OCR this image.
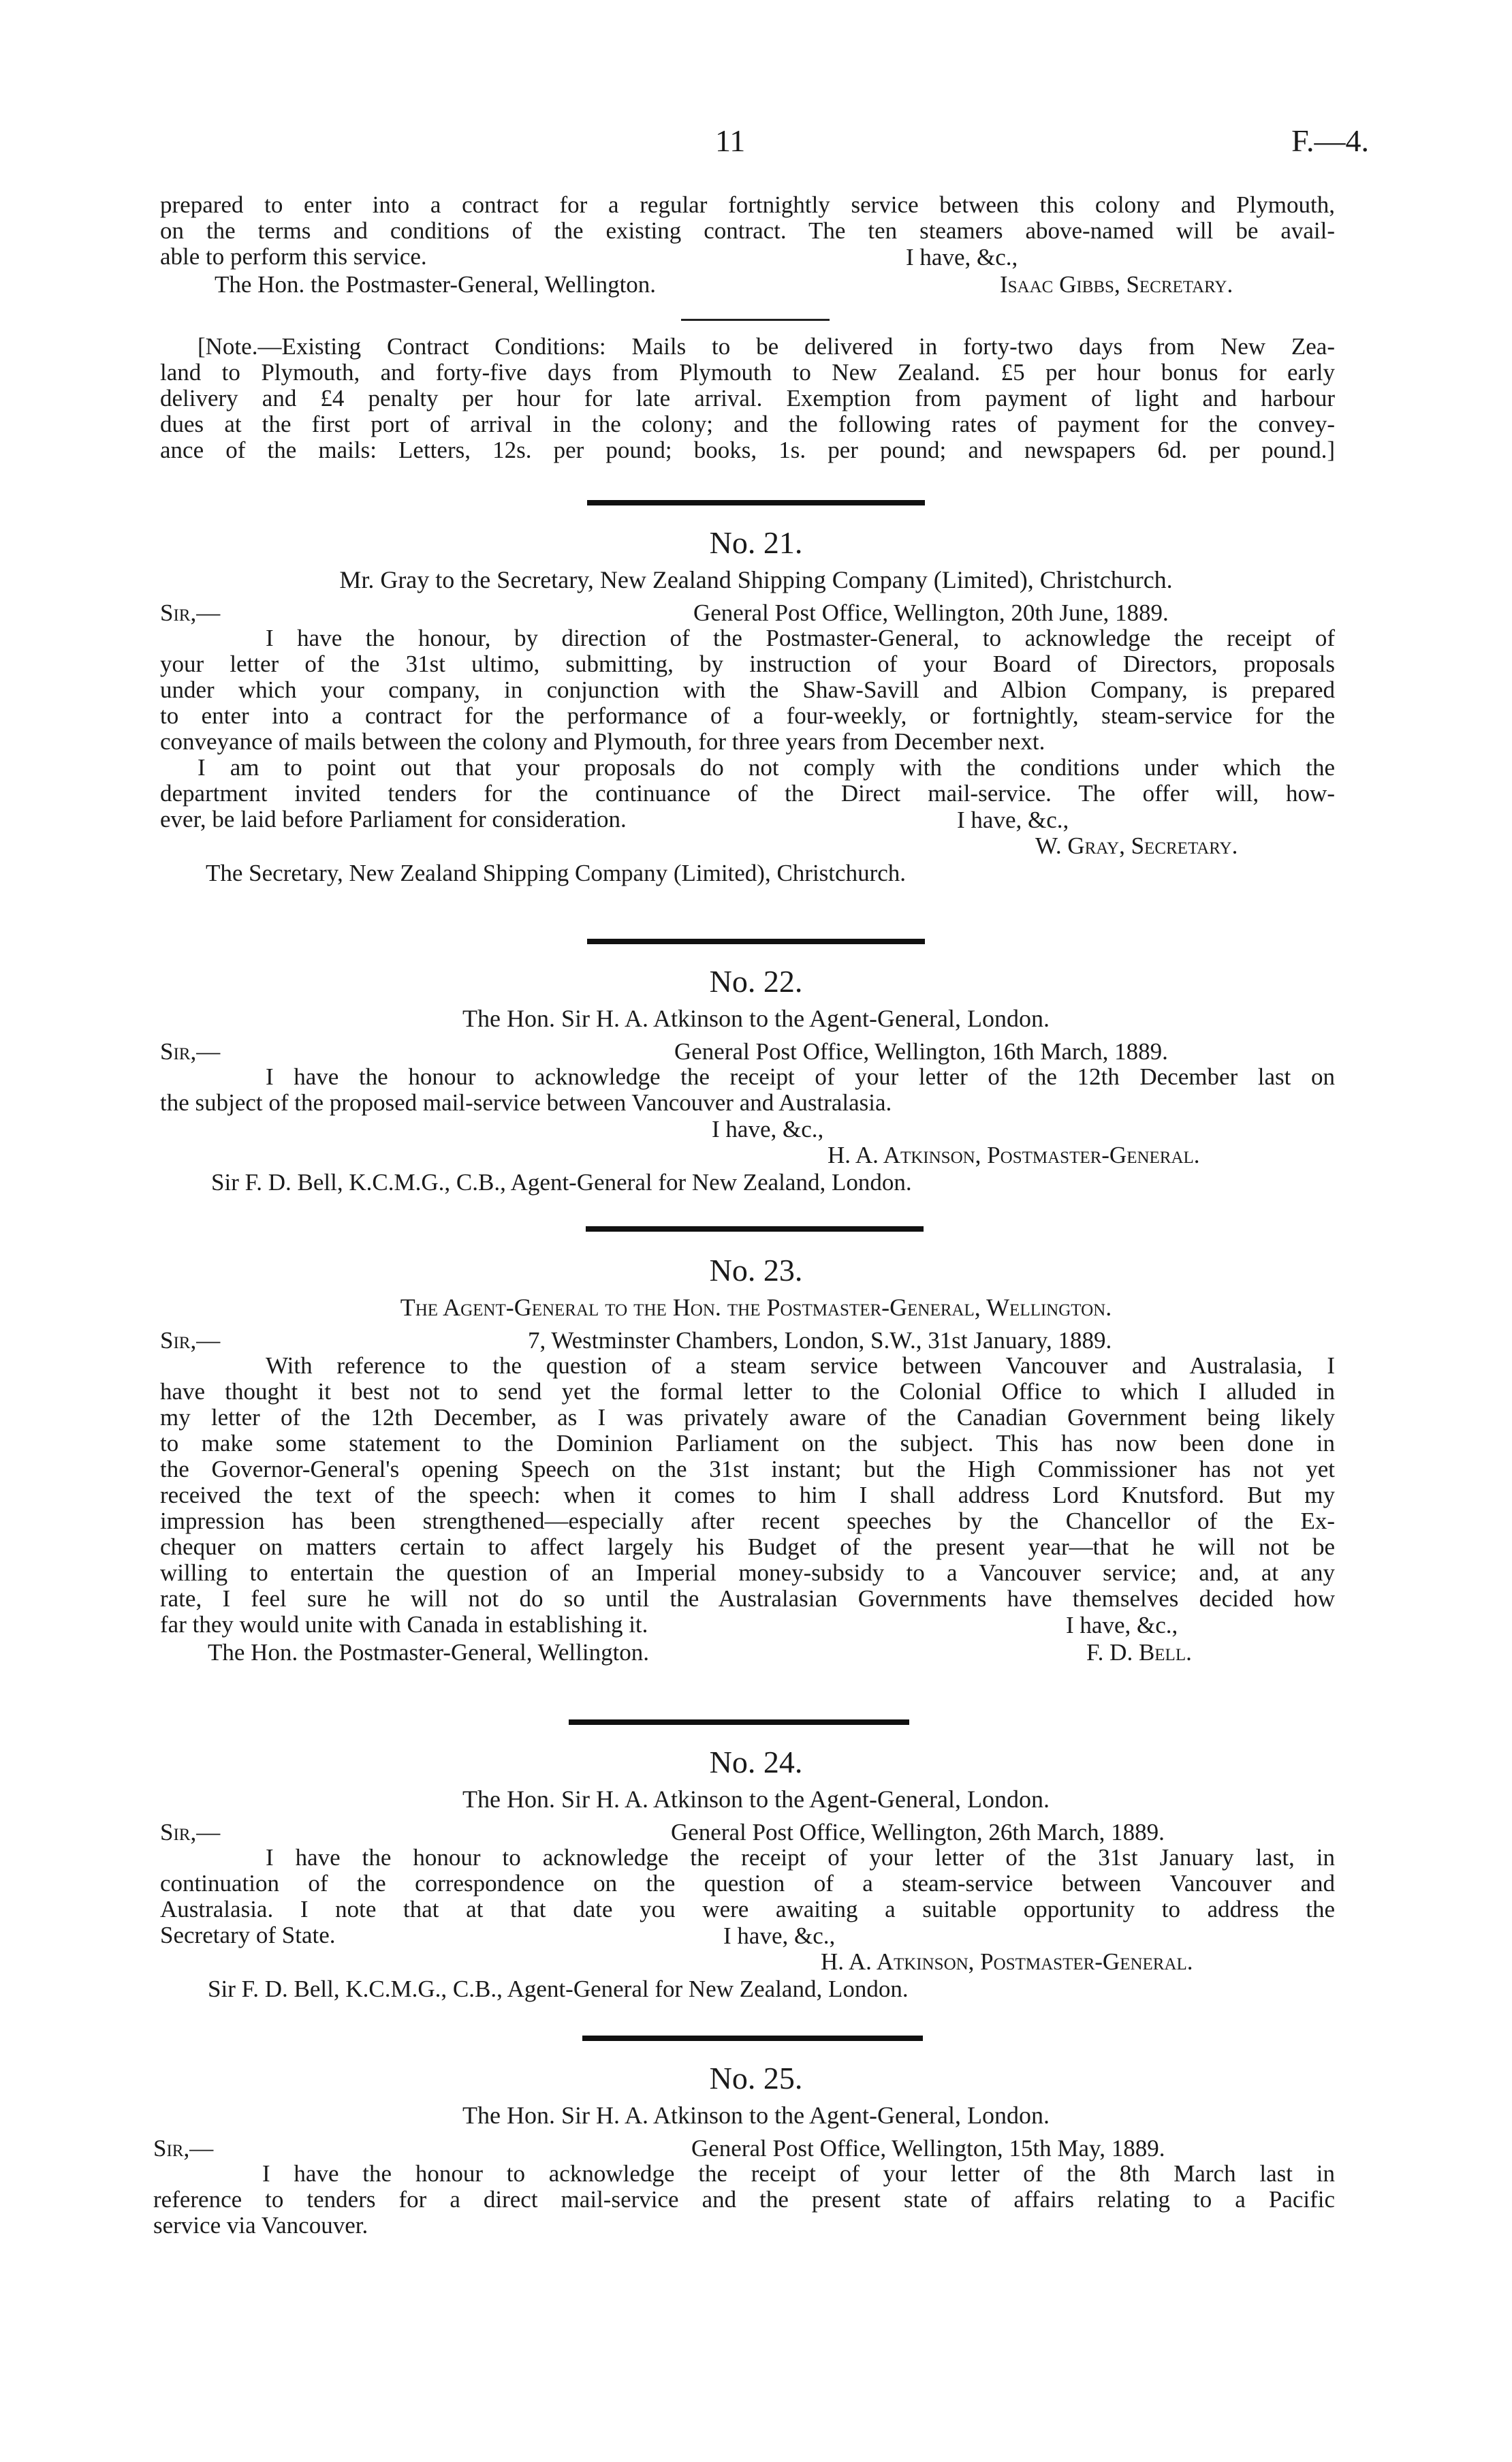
11	F.—4.
prepared to enter into a contract for a regular fortnightly service between this colony and Plymouth,
on the terms and conditions of the existing contract. The ten steamers above-named will be avail-
able to perform this service.	I have, &c.,
The Hon. the Postmaster-General, Wellington.	Isaac Gibbs, Secretary.
[Note.—Existing Contract Conditions: Mails to be delivered in forty-two days from New Zea-
land to Plymouth, and forty-five days from Plymouth to New Zealand. £5 per hour bonus for early
delivery and £4 penalty per hour for late arrival. Exemption from payment of light and harbour
dues at the first port of arrival in the colony; and the following rates of payment for the convey-
ance of the mails: Letters, 12s. per pound; books, 1s. per pound; and newspapers 6d. per pound.]
No. 21.
Mr. Gray to the Secretary, New Zealand Shipping Company (Limited), Christchurch.
Sir,—	General Post Office, Wellington, 20th June, 1889.
I have the honour, by direction of the Postmaster-General, to acknowledge the receipt of
your letter of the 31st ultimo, submitting, by instruction of your Board of Directors, proposals
under which your company, in conjunction with the Shaw-Savill and Albion Company, is prepared
to enter into a contract for the performance of a four-weekly, or fortnightly, steam-service for the
conveyance of mails between the colony and Plymouth, for three years from December next.
I am to point out that your proposals do not comply with the conditions under which the
department invited tenders for the continuance of the Direct mail-service. The offer will, how-
ever, be laid before Parliament for consideration.	I have, &c.,
W. Gray, Secretary.
The Secretary, New Zealand Shipping Company (Limited), Christchurch.
No. 22.
The Hon. Sir H. A. Atkinson to the Agent-General, London.
Sir,—	General Post Office, Wellington, 16th March, 1889.
I have the honour to acknowledge the receipt of your letter of the 12th December last on
the subject of the proposed mail-service between Vancouver and Australasia.
I have, &c.,
H. A. Atkinson, Postmaster-General.
Sir F. D. Bell, K.C.M.G., C.B., Agent-General for New Zealand, London.
No. 23.
The Agent-General to the Hon. the Postmaster-General, Wellington.
Sir,—	7, Westminster Chambers, London, S.W., 31st January, 1889.
With reference to the question of a steam service between Vancouver and Australasia, I
have thought it best not to send yet the formal letter to the Colonial Office to which I alluded in
my letter of the 12th December, as I was privately aware of the Canadian Government being likely
to make some statement to the Dominion Parliament on the subject. This has now been done in
the Governor-General's opening Speech on the 31st instant; but the High Commissioner has not yet
received the text of the speech: when it comes to him I shall address Lord Knutsford. But my
impression has been strengthened—especially after recent speeches by the Chancellor of the Ex-
chequer on matters certain to affect largely his Budget of the present year—that he will not be
willing to entertain the question of an Imperial money-subsidy to a Vancouver service; and, at any
rate, I feel sure he will not do so until the Australasian Governments have themselves decided how
far they would unite with Canada in establishing it.	I have, &c.,
The Hon. the Postmaster-General, Wellington.	F. D. Bell.
No. 24.
The Hon. Sir H. A. Atkinson to the Agent-General, London.
Sir,—	General Post Office, Wellington, 26th March, 1889.
I have the honour to acknowledge the receipt of your letter of the 31st January last, in
continuation of the correspondence on the question of a steam-service between Vancouver and
Australasia. I note that at that date you were awaiting a suitable opportunity to address the
Secretary of State.	I have, &c.,
H. A. Atkinson, Postmaster-General.
Sir F. D. Bell, K.C.M.G., C.B., Agent-General for New Zealand, London.
No. 25.
The Hon. Sir H. A. Atkinson to the Agent-General, London.
Sir,—	General Post Office, Wellington, 15th May, 1889.
I have the honour to acknowledge the receipt of your letter of the 8th March last in
reference to tenders for a direct mail-service and the present state of affairs relating to a Pacific
service via Vancouver.
